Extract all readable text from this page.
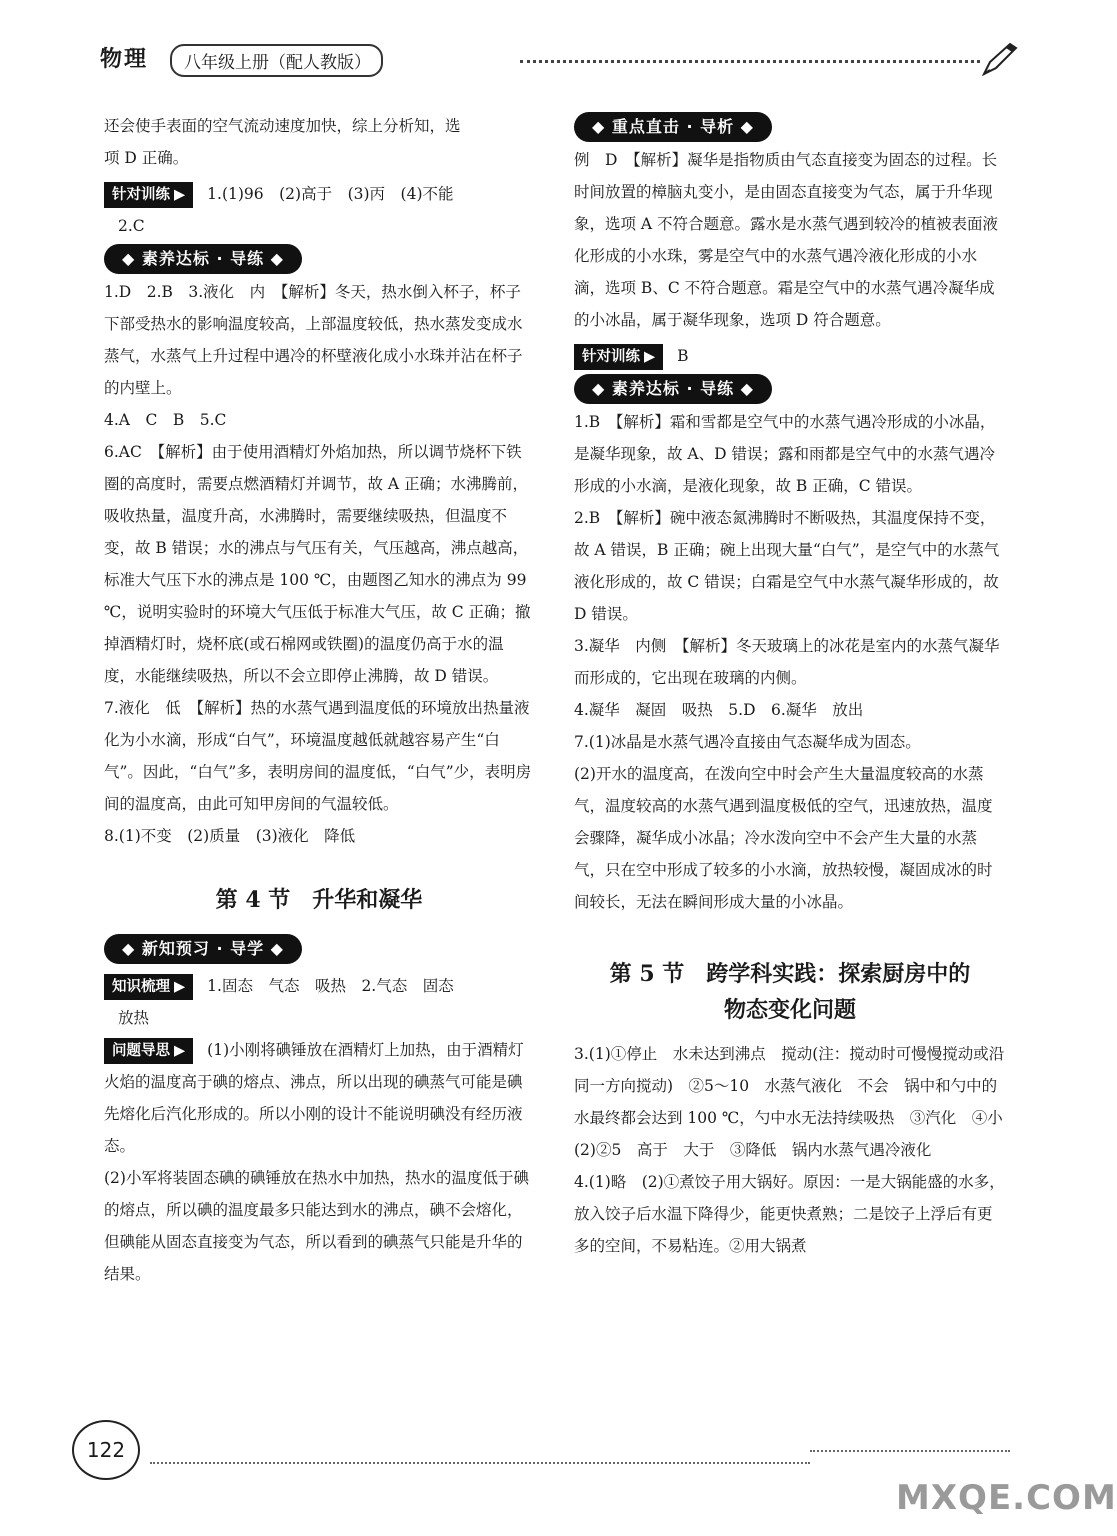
物理	八年级上册（配人教版）

还会使手表面的空气流动速度加快，综上分析知，选

项 D 正确。

针对训练 ▶ 1.(1)96　(2)高于　(3)丙　(4)不能

2.C

◆ 素养达标 · 导练 ◆

1.D　2.B　3.液化　内　【解析】冬天，热水倒入杯子，杯子下部受热水的影响温度较高，上部温度较低，热水蒸发变成水蒸气，水蒸气上升过程中遇冷的杯壁液化成小水珠并沾在杯子的内壁上。

4.A　C　B　5.C

6.AC　【解析】由于使用酒精灯外焰加热，所以调节烧杯下铁圈的高度时，需要点燃酒精灯并调节，故 A 正确；水沸腾前，吸收热量，温度升高，水沸腾时，需要继续吸热，但温度不变，故 B 错误；水的沸点与气压有关，气压越高，沸点越高，标准大气压下水的沸点是 100 ℃，由题图乙知水的沸点为 99 ℃，说明实验时的环境大气压低于标准大气压，故 C 正确；撤掉酒精灯时，烧杯底(或石棉网或铁圈)的温度仍高于水的温度，水能继续吸热，所以不会立即停止沸腾，故 D 错误。

7.液化　低　【解析】热的水蒸气遇到温度低的环境放出热量液化为小水滴，形成“白气”，环境温度越低就越容易产生“白气”。因此，“白气”多，表明房间的温度低，“白气”少，表明房间的温度高，由此可知甲房间的气温较低。

8.(1)不变　(2)质量　(3)液化　降低

第 4 节　升华和凝华
◆ 新知预习 · 导学 ◆

知识梳理 ▶ 1.固态　气态　吸热　2.气态　固态

放热

问题导思 ▶ (1)小刚将碘锤放在酒精灯上加热，由于酒精灯火焰的温度高于碘的熔点、沸点，所以出现的碘蒸气可能是碘先熔化后汽化形成的。所以小刚的设计不能说明碘没有经历液态。

(2)小军将装固态碘的碘锤放在热水中加热，热水的温度低于碘的熔点，所以碘的温度最多只能达到水的沸点，碘不会熔化，但碘能从固态直接变为气态，所以看到的碘蒸气只能是升华的结果。

◆ 重点直击 · 导析 ◆

例　D　【解析】凝华是指物质由气态直接变为固态的过程。长时间放置的樟脑丸变小，是由固态直接变为气态，属于升华现象，选项 A 不符合题意。露水是水蒸气遇到较冷的植被表面液化形成的小水珠，雾是空气中的水蒸气遇冷液化形成的小水滴，选项 B、C 不符合题意。霜是空气中的水蒸气遇冷凝华成的小冰晶，属于凝华现象，选项 D 符合题意。

针对训练 ▶ B

◆ 素养达标 · 导练 ◆

1.B　【解析】霜和雪都是空气中的水蒸气遇冷形成的小冰晶，是凝华现象，故 A、D 错误；露和雨都是空气中的水蒸气遇冷形成的小水滴，是液化现象，故 B 正确，C 错误。

2.B　【解析】碗中液态氮沸腾时不断吸热，其温度保持不变，故 A 错误，B 正确；碗上出现大量“白气”，是空气中的水蒸气液化形成的，故 C 错误；白霜是空气中水蒸气凝华形成的，故 D 错误。

3.凝华　内侧　【解析】冬天玻璃上的冰花是室内的水蒸气凝华而形成的，它出现在玻璃的内侧。

4.凝华　凝固　吸热　5.D　6.凝华　放出

7.(1)冰晶是水蒸气遇冷直接由气态凝华成为固态。

(2)开水的温度高，在泼向空中时会产生大量温度较高的水蒸气，温度较高的水蒸气遇到温度极低的空气，迅速放热，温度会骤降，凝华成小冰晶；冷水泼向空中不会产生大量的水蒸气，只在空中形成了较多的小水滴，放热较慢，凝固成冰的时间较长，无法在瞬间形成大量的小冰晶。

第 5 节　跨学科实践：探索厨房中的
物态变化问题

3.(1)①停止　水未达到沸点　搅动(注：搅动时可慢慢搅动或沿同一方向搅动)　②5～10　水蒸气液化　不会　锅中和勺中的水最终都会达到 100 ℃，勺中水无法持续吸热　③汽化　④小

(2)②5　高于　大于　③降低　锅内水蒸气遇冷液化

4.(1)略　(2)①煮饺子用大锅好。原因：一是大锅能盛的水多，放入饺子后水温下降得少，能更快煮熟；二是饺子上浮后有更多的空间，不易粘连。②用大锅煮

122
MXQE.COM
